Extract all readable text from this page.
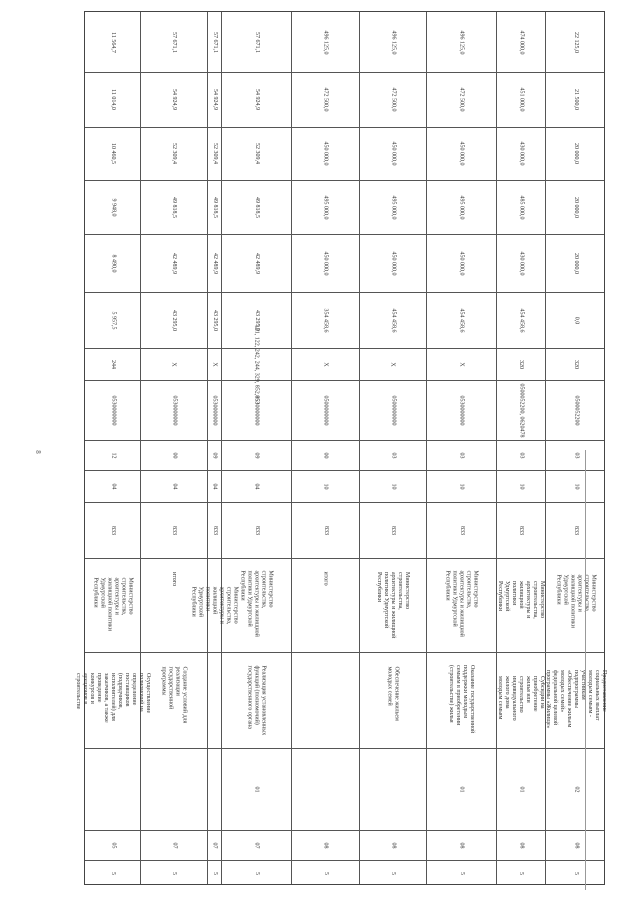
8
11 564,7
11 014,0
10 460,5
9 948,0
8 490,0
5 957,5
244
0530000000
12
04
833
Министерство строительства, архитектуры и жилищной политики Удмуртской Республики
Осуществление полномочий на определение поставщиков (подрядчиков, исполнителей) для заказчиков, а также проведение конкурсов и аукционов в строительстве
05
5
57 671,1
54 924,9
52 309,4
49 818,5
42 489,9
43 295,0
X
0530000000
00
04
833
итого
Создание условий для реализации государственной программы
07
5
57 671,1
54 924,9
52 309,4
49 818,5
42 489,9
43 295,0
X
0530000000
09
04
833
Министерство строительства, архитектуры и жилищной политики Удмуртской Республики
07
5
57 671,1
54 924,9
52 309,4
49 818,5
42 489,9
43 295,0
121, 122, 242, 244, 329, 852,853
0530000000
09
04
833
Министерство строительства, архитектуры и жилищной политики Удмуртской Республики
Реализация установленных функций (полномочий) государственного органа
01
07
5
496 125,0
472 500,0
450 000,0
495 000,0
450 000,0
354 458,6
X
0500000000
00
10
833
итого
08
5
496 125,0
472 500,0
450 000,0
495 000,0
450 000,0
454 458,6
X
0500000000
03
10
833
Министерство строительства, архитектуры и жилищной политики Удмуртской Республики
Обеспечение жильем молодых семей
08
5
496 125,0
472 500,0
450 000,0
495 000,0
450 000,0
454 458,6
X
0530000000
03
10
833
Министерство строительства, архитектуры и жилищной политики Удмуртской Республики
Оказание государственной поддержки молодым семьям в приобретении (строительстве) жилья
01
08
5
474 000,0
451 000,0
430 000,0
485 000,0
430 000,0
454 458,6
320
0500052200, 0620478
03
10
833
Министерство строительства, архитектуры и жилищной политики Удмуртской Республики
Субсидии на приобретение жилья или строительство индивидуального жилого дома молодым семьям
01
08
5
22 125,0
21 500,0
20 000,0
20 000,0
20 000,0
0,0
320
0500052200
03
10
833
Министерство строительства, архитектуры и жилищной политики Удмуртской Республики
Предоставление социальных выплат молодым семьям - участникам подпрограммы «Обеспечение жильем молодых семей» федеральной целевой программы «Жилище»
02
08
5
